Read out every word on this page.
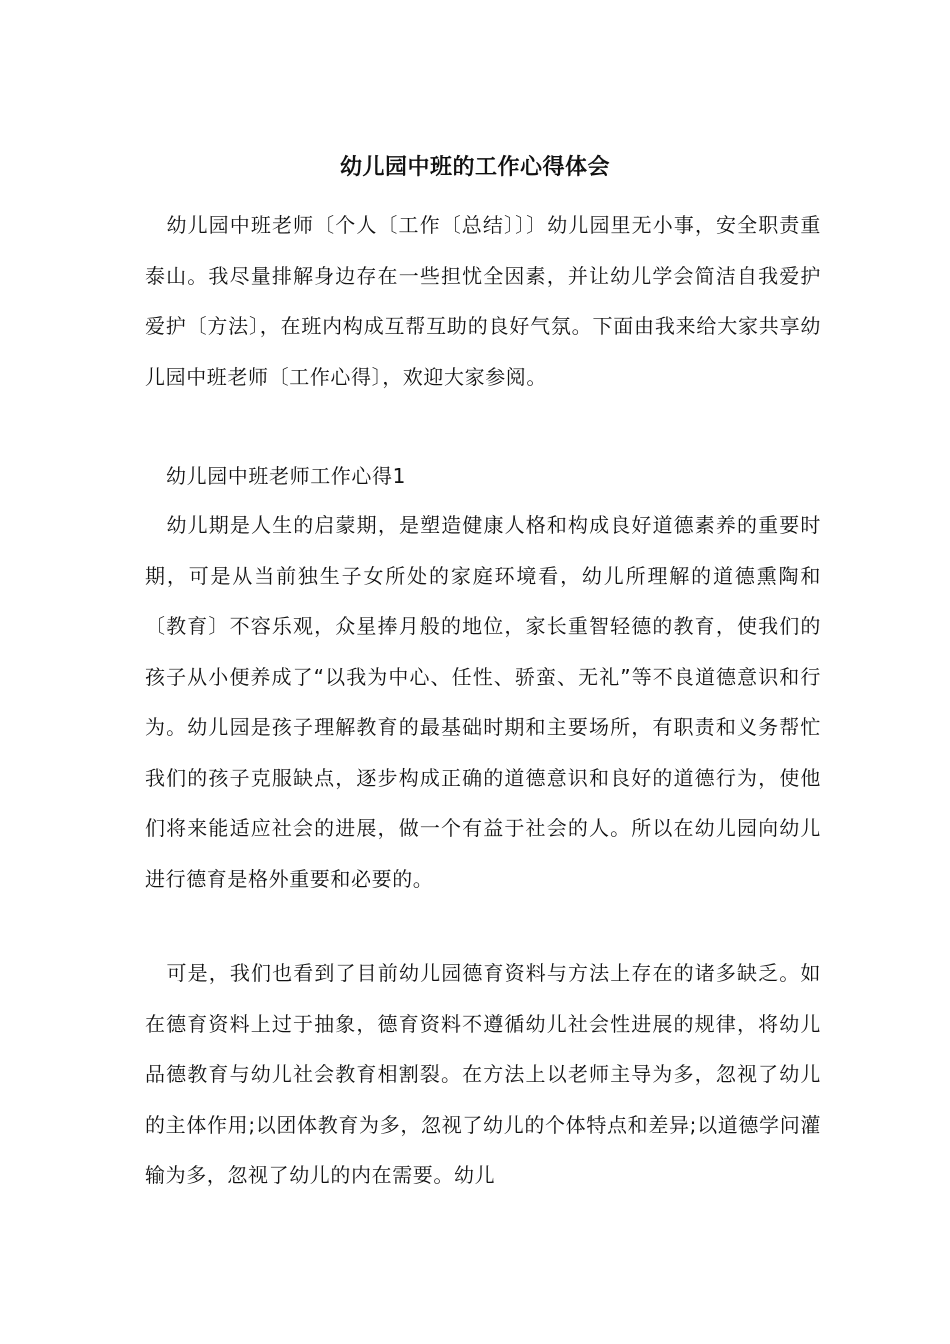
幼儿园中班的工作心得体会
幼儿园中班老师〔个人〔工作〔总结〕〕〕幼儿园里无小事，安全职责重泰山。我尽量排解身边存在一些担忧全因素，并让幼儿学会简洁自我爱护爱护〔方法〕，在班内构成互帮互助的良好气氛。下面由我来给大家共享幼儿园中班老师〔工作心得〕，欢迎大家参阅。
幼儿园中班老师工作心得1
幼儿期是人生的启蒙期，是塑造健康人格和构成良好道德素养的重要时期，可是从当前独生子女所处的家庭环境看，幼儿所理解的道德熏陶和〔教育〕不容乐观，众星捧月般的地位，家长重智轻德的教育，使我们的孩子从小便养成了“以我为中心、任性、骄蛮、无礼”等不良道德意识和行为。幼儿园是孩子理解教育的最基础时期和主要场所，有职责和义务帮忙我们的孩子克服缺点，逐步构成正确的道德意识和良好的道德行为，使他们将来能适应社会的进展，做一个有益于社会的人。所以在幼儿园向幼儿进行德育是格外重要和必要的。
可是，我们也看到了目前幼儿园德育资料与方法上存在的诸多缺乏。如在德育资料上过于抽象，德育资料不遵循幼儿社会性进展的规律，将幼儿品德教育与幼儿社会教育相割裂。在方法上以老师主导为多，忽视了幼儿的主体作用;以团体教育为多，忽视了幼儿的个体特点和差异;以道德学问灌输为多，忽视了幼儿的内在需要。幼儿
